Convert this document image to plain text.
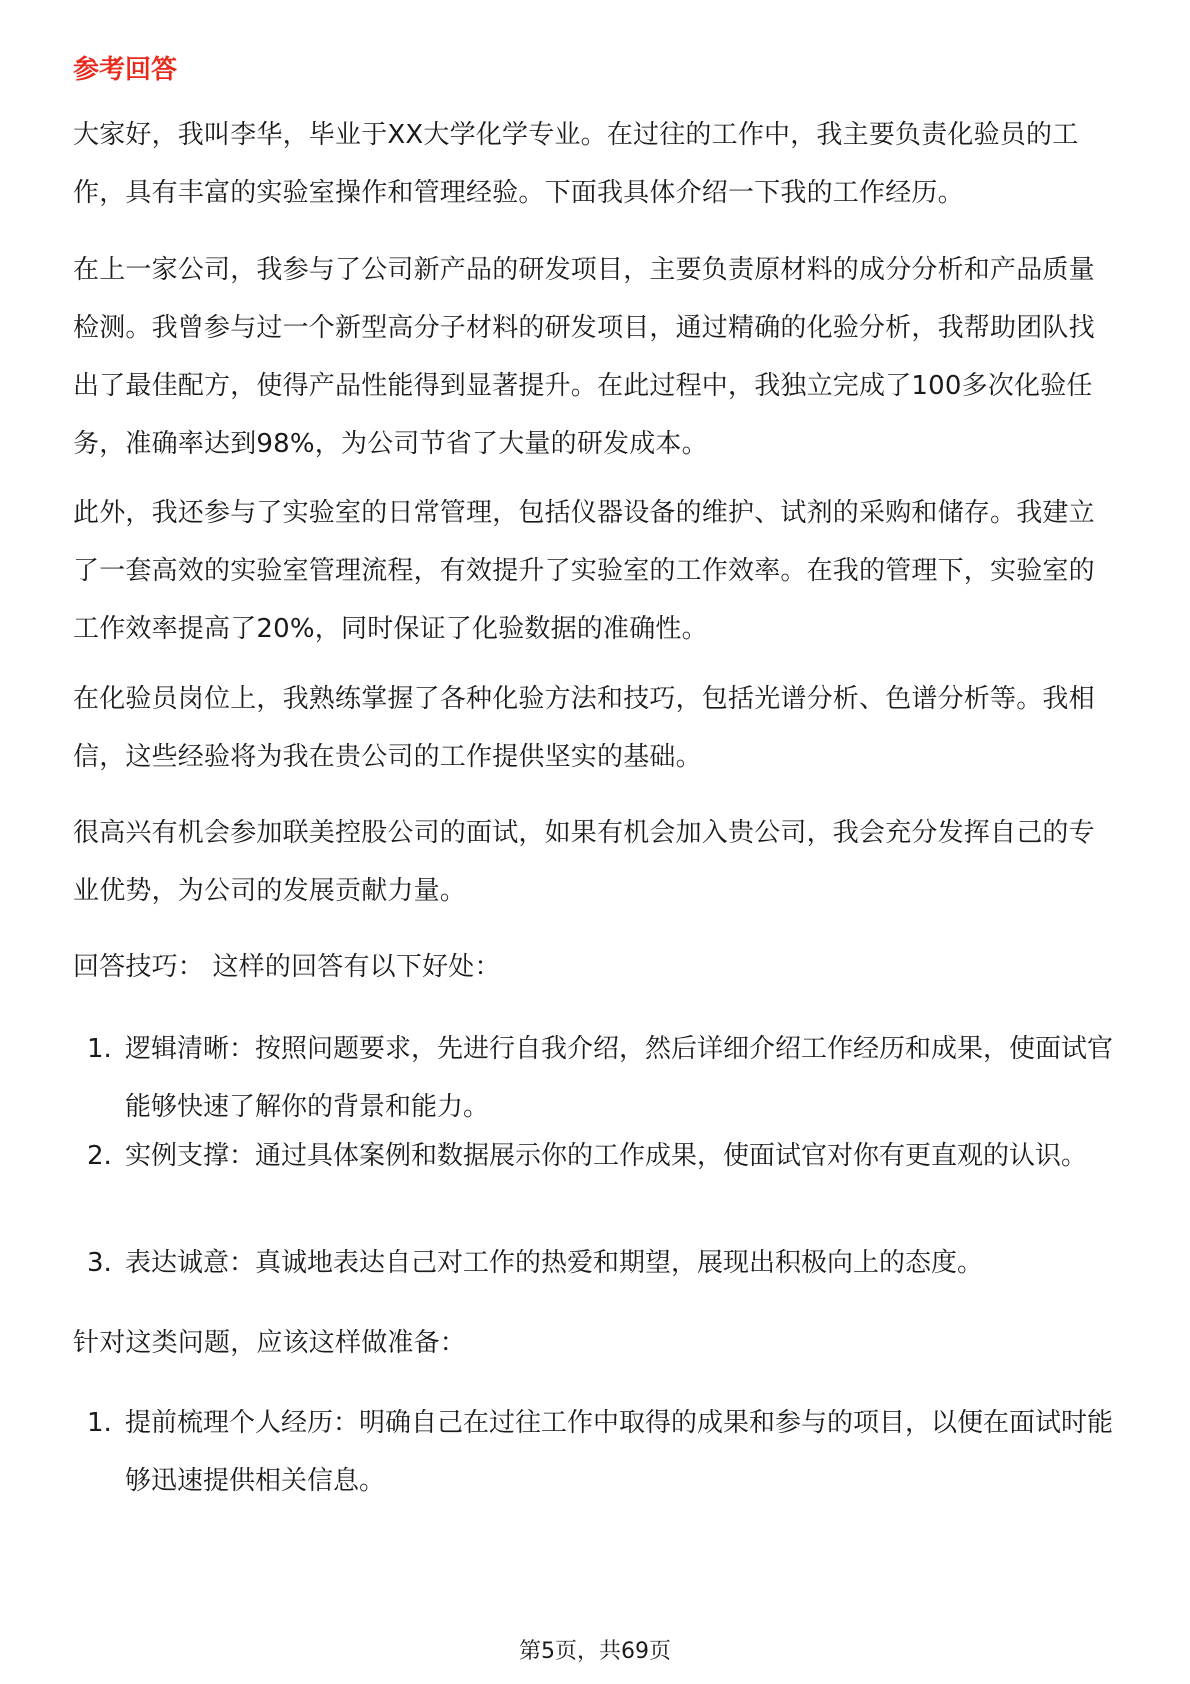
参考回答

大家好，我叫李华，毕业于XX大学化学专业。在过往的工作中，我主要负责化验员的工作，具有丰富的实验室操作和管理经验。下面我具体介绍一下我的工作经历。

在上一家公司，我参与了公司新产品的研发项目，主要负责原材料的成分分析和产品质量检测。我曾参与过一个新型高分子材料的研发项目，通过精确的化验分析，我帮助团队找出了最佳配方，使得产品性能得到显著提升。在此过程中，我独立完成了100多次化验任务，准确率达到98%，为公司节省了大量的研发成本。

此外，我还参与了实验室的日常管理，包括仪器设备的维护、试剂的采购和储存。我建立了一套高效的实验室管理流程，有效提升了实验室的工作效率。在我的管理下，实验室的工作效率提高了20%，同时保证了化验数据的准确性。

在化验员岗位上，我熟练掌握了各种化验方法和技巧，包括光谱分析、色谱分析等。我相信，这些经验将为我在贵公司的工作提供坚实的基础。

很高兴有机会参加联美控股公司的面试，如果有机会加入贵公司，我会充分发挥自己的专业优势，为公司的发展贡献力量。

回答技巧： 这样的回答有以下好处：

1. 逻辑清晰：按照问题要求，先进行自我介绍，然后详细介绍工作经历和成果，使面试官能够快速了解你的背景和能力。
2. 实例支撑：通过具体案例和数据展示你的工作成果，使面试官对你有更直观的认识。
3. 表达诚意：真诚地表达自己对工作的热爱和期望，展现出积极向上的态度。

针对这类问题，应该这样做准备：

1. 提前梳理个人经历：明确自己在过往工作中取得的成果和参与的项目，以便在面试时能够迅速提供相关信息。
第5页，共69页
